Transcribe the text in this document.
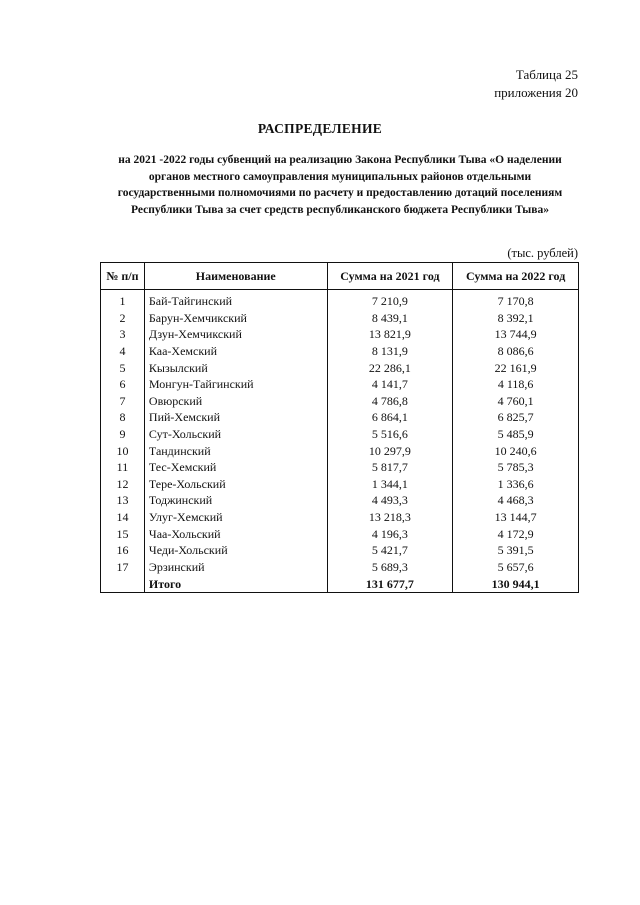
Таблица 25
приложения 20
РАСПРЕДЕЛЕНИЕ
на 2021 -2022 годы субвенций на реализацию Закона Республики Тыва «О наделении органов местного самоуправления муниципальных районов отдельными государственными полномочиями по расчету и предоставлению дотаций поселениям Республики Тыва за счет средств республиканского бюджета Республики Тыва»
(тыс. рублей)
№ п/п	Наименование	Сумма на 2021 год	Сумма на 2022 год
1	Бай-Тайгинский	7 210,9	7 170,8
2	Барун-Хемчикский	8 439,1	8 392,1
3	Дзун-Хемчикский	13 821,9	13 744,9
4	Каа-Хемский	8 131,9	8 086,6
5	Кызылский	22 286,1	22 161,9
6	Монгун-Тайгинский	4 141,7	4 118,6
7	Овюрский	4 786,8	4 760,1
8	Пий-Хемский	6 864,1	6 825,7
9	Сут-Хольский	5 516,6	5 485,9
10	Тандинский	10 297,9	10 240,6
11	Тес-Хемский	5 817,7	5 785,3
12	Тере-Хольский	1 344,1	1 336,6
13	Тоджинский	4 493,3	4 468,3
14	Улуг-Хемский	13 218,3	13 144,7
15	Чаа-Хольский	4 196,3	4 172,9
16	Чеди-Хольский	5 421,7	5 391,5
17	Эрзинский	5 689,3	5 657,6
	Итого	131 677,7	130 944,1
